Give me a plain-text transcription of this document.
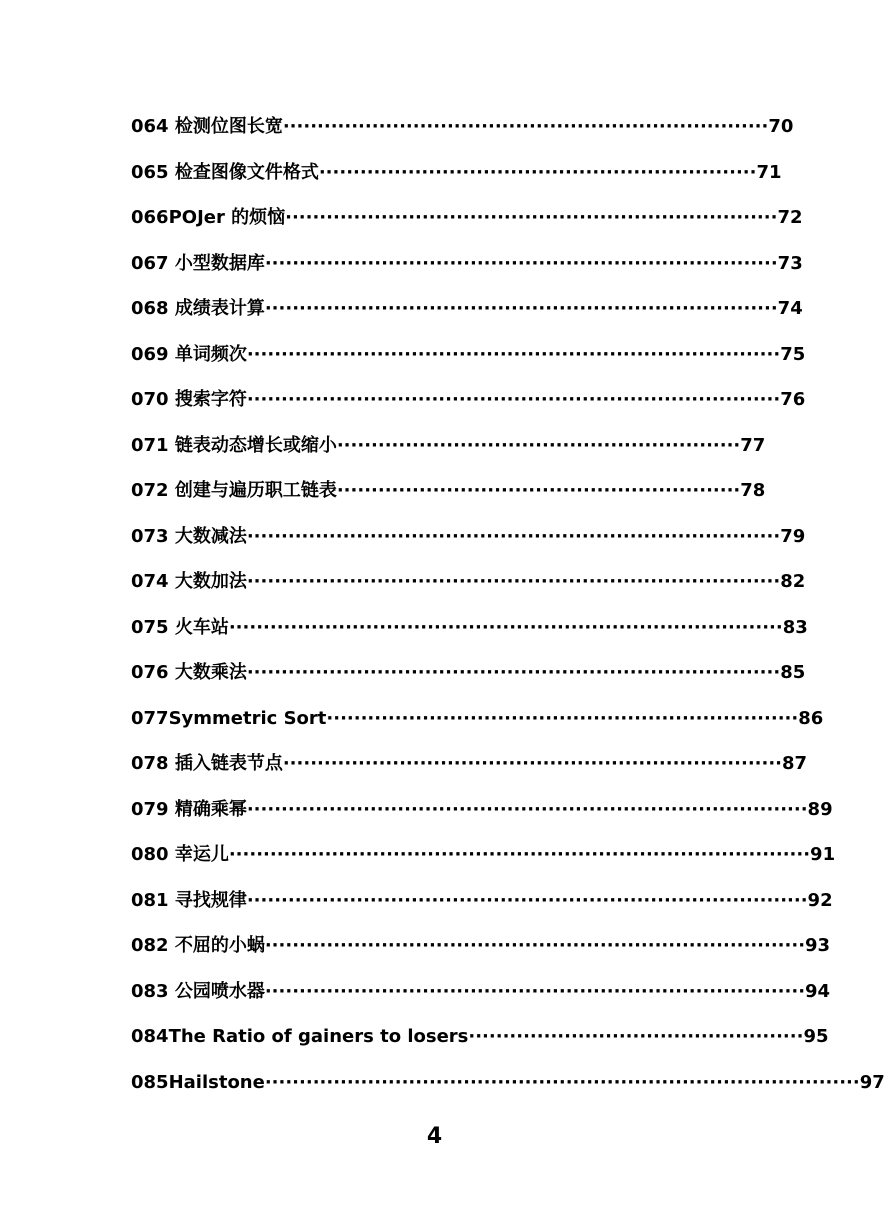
064 检测位图长宽·······································································70
065 检查图像文件格式································································71
066POJer 的烦恼········································································72
067 小型数据库···········································································73
068 成绩表计算···········································································74
069 单词频次··············································································75
070 搜索字符··············································································76
071 链表动态增长或缩小···························································77
072 创建与遍历职工链表···························································78
073 大数减法··············································································79
074 大数加法··············································································82
075 火车站·················································································83
076 大数乘法··············································································85
077Symmetric Sort·····································································86
078 插入链表节点·········································································87
079 精确乘幂··················································································89
080 幸运儿·····················································································91
081 寻找规律··················································································92
082 不屈的小蜗···············································································93
083 公园喷水器···············································································94
084The Ratio of gainers to losers·················································95
085Hailstone·······················································································97
4
